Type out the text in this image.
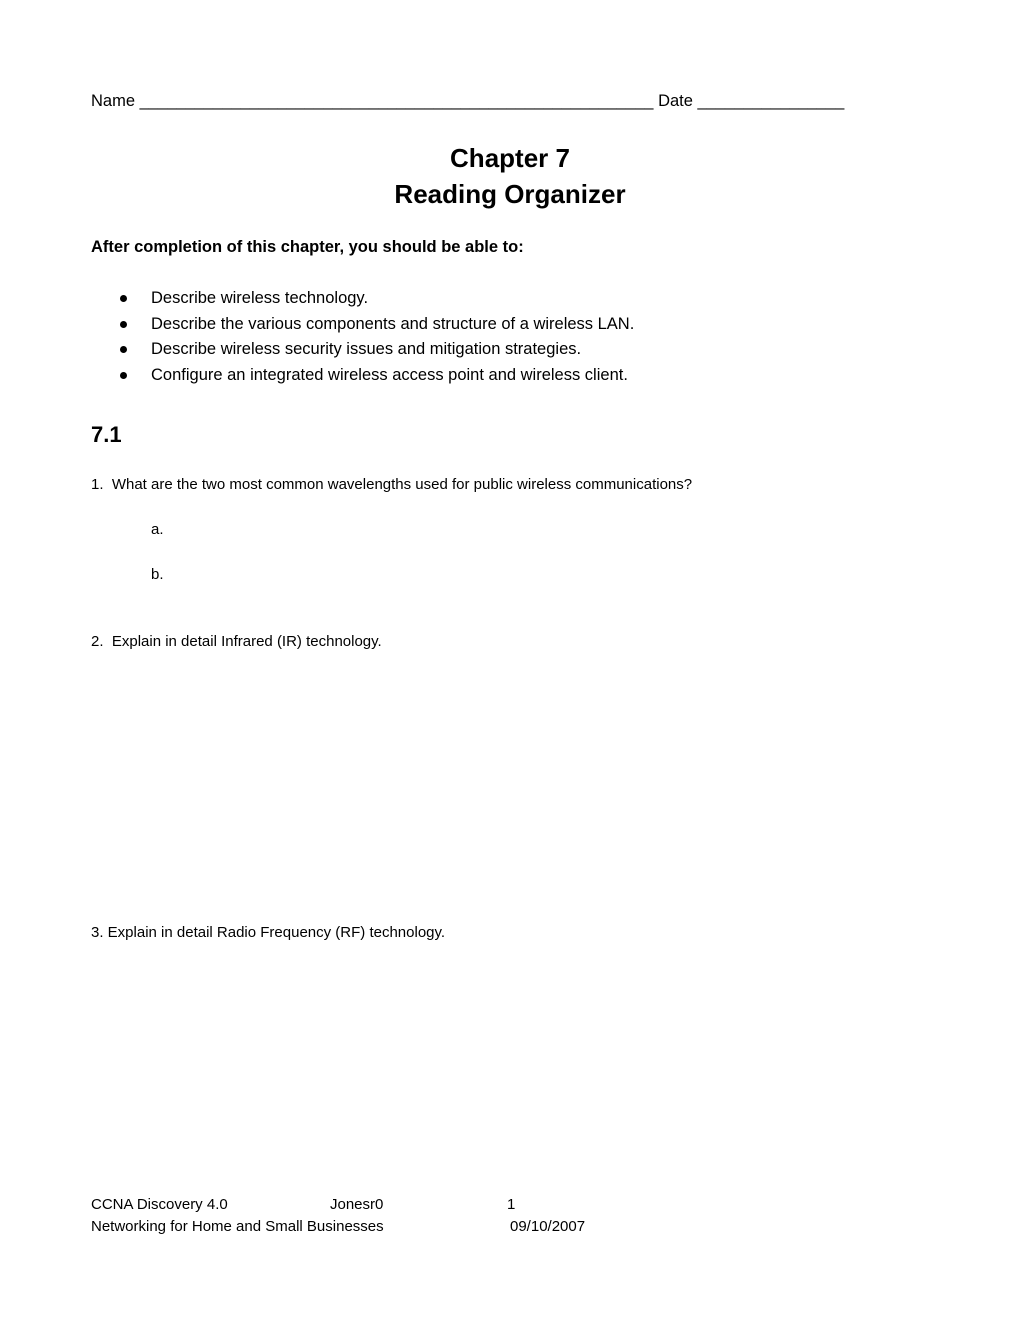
Name ________________________________________________________ Date ________________
Chapter 7
Reading Organizer
After completion of this chapter, you should be able to:
Describe wireless technology.
Describe the various components and structure of a wireless LAN.
Describe wireless security issues and mitigation strategies.
Configure an integrated wireless access point and wireless client.
7.1
1.  What are the two most common wavelengths used for public wireless communications?
a.
b.
2.  Explain in detail Infrared (IR) technology.
3. Explain in detail Radio Frequency (RF) technology.
CCNA Discovery 4.0	Jonesr0	1
Networking for Home and Small Businesses	09/10/2007
